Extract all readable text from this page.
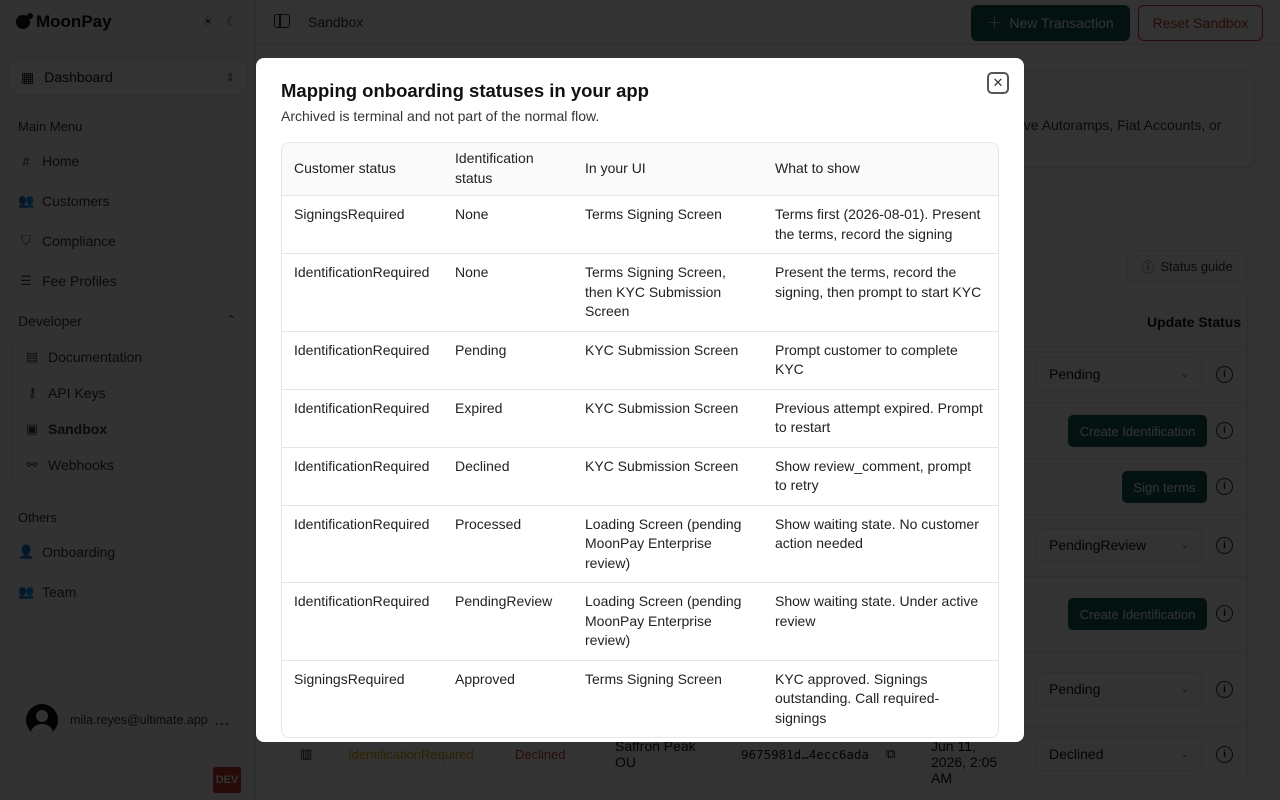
✕
Mapping onboarding statuses in your app
Archived is terminal and not part of the normal flow.
Customer status	Identification status	In your UI	What to show
SigningsRequired	None	Terms Signing Screen	Terms first (2026-08-01). Present the terms, record the signing
IdentificationRequired	None	Terms Signing Screen, then KYC Submission Screen	Present the terms, record the signing, then prompt to start KYC
IdentificationRequired	Pending	KYC Submission Screen	Prompt customer to complete KYC
IdentificationRequired	Expired	KYC Submission Screen	Previous attempt expired. Prompt to restart
IdentificationRequired	Declined	KYC Submission Screen	Show review_comment, prompt to retry
IdentificationRequired	Processed	Loading Screen (pending MoonPay Enterprise review)	Show waiting state. No customer action needed
IdentificationRequired	PendingReview	Loading Screen (pending MoonPay Enterprise review)	Show waiting state. Under active review
SigningsRequired	Approved	Terms Signing Screen	KYC approved. Signings outstanding. Call required-signings
